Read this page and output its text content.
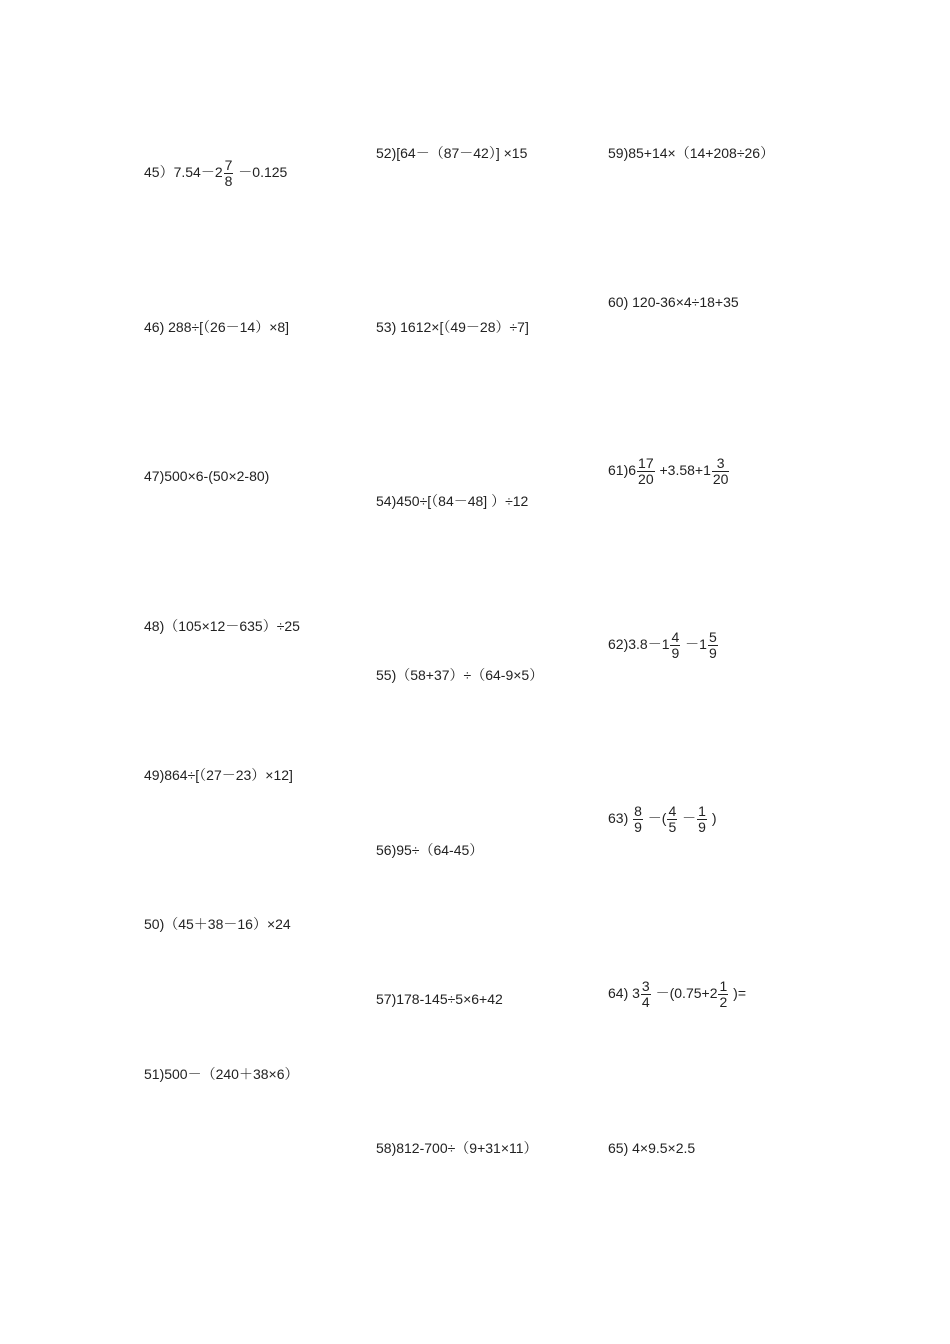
$45)7.54-2 \frac{7}{8} -0.125$
46) 288÷[（26－14）×8]
47)500×6-(50×2-80)
48)（105×12－635）÷25
49)864÷[（27－23）×12]
50)（45＋38－16）×24
51)500－（240＋38×6）
52)[64－（87－42）] ×15
53) 1612×[（49－28）÷7]
54)450÷[（84－48] ）÷12
55)（58+37）÷（64-9×5）
56)95÷（64-45）
57)178-145÷5×6+42
58)812-700÷（9+31×11）
59)85+14×（14+208÷26）
60) 120-36×4÷18+35
$61)6 \frac{17}{20} +3.58+1 \frac{3}{20}$
$62)3.8-1 \frac{4}{9} -1 \frac{5}{9}$
$63) \frac{8}{9}$ －( $\frac{4}{5} - \frac{1}{9}$ )
64) $3 \frac{3}{4} -(0.75+2 \frac{1}{2}$ )=
65) 4×9.5×2.5
